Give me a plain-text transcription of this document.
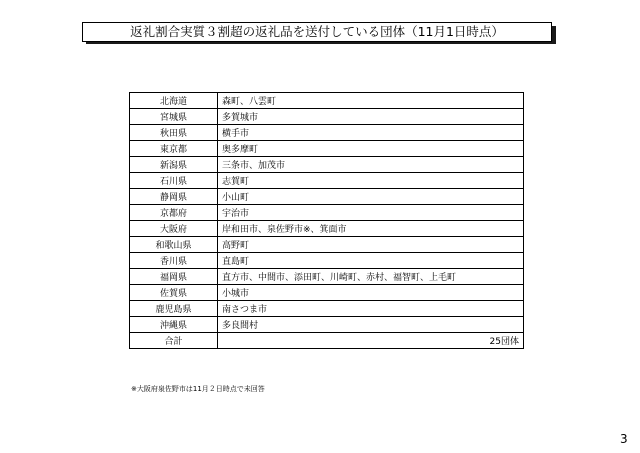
返礼割合実質３割超の返礼品を送付している団体（11月1日時点）
北海道	森町、八雲町
宮城県	多賀城市
秋田県	横手市
東京都	奥多摩町
新潟県	三条市、加茂市
石川県	志賀町
静岡県	小山町
京都府	宇治市
大阪府	岸和田市、泉佐野市※、箕面市
和歌山県	高野町
香川県	直島町
福岡県	直方市、中間市、添田町、川崎町、赤村、福智町、上毛町
佐賀県	小城市
鹿児島県	南さつま市
沖縄県	多良間村
合計	25団体
※大阪府泉佐野市は11月２日時点で未回答
3
